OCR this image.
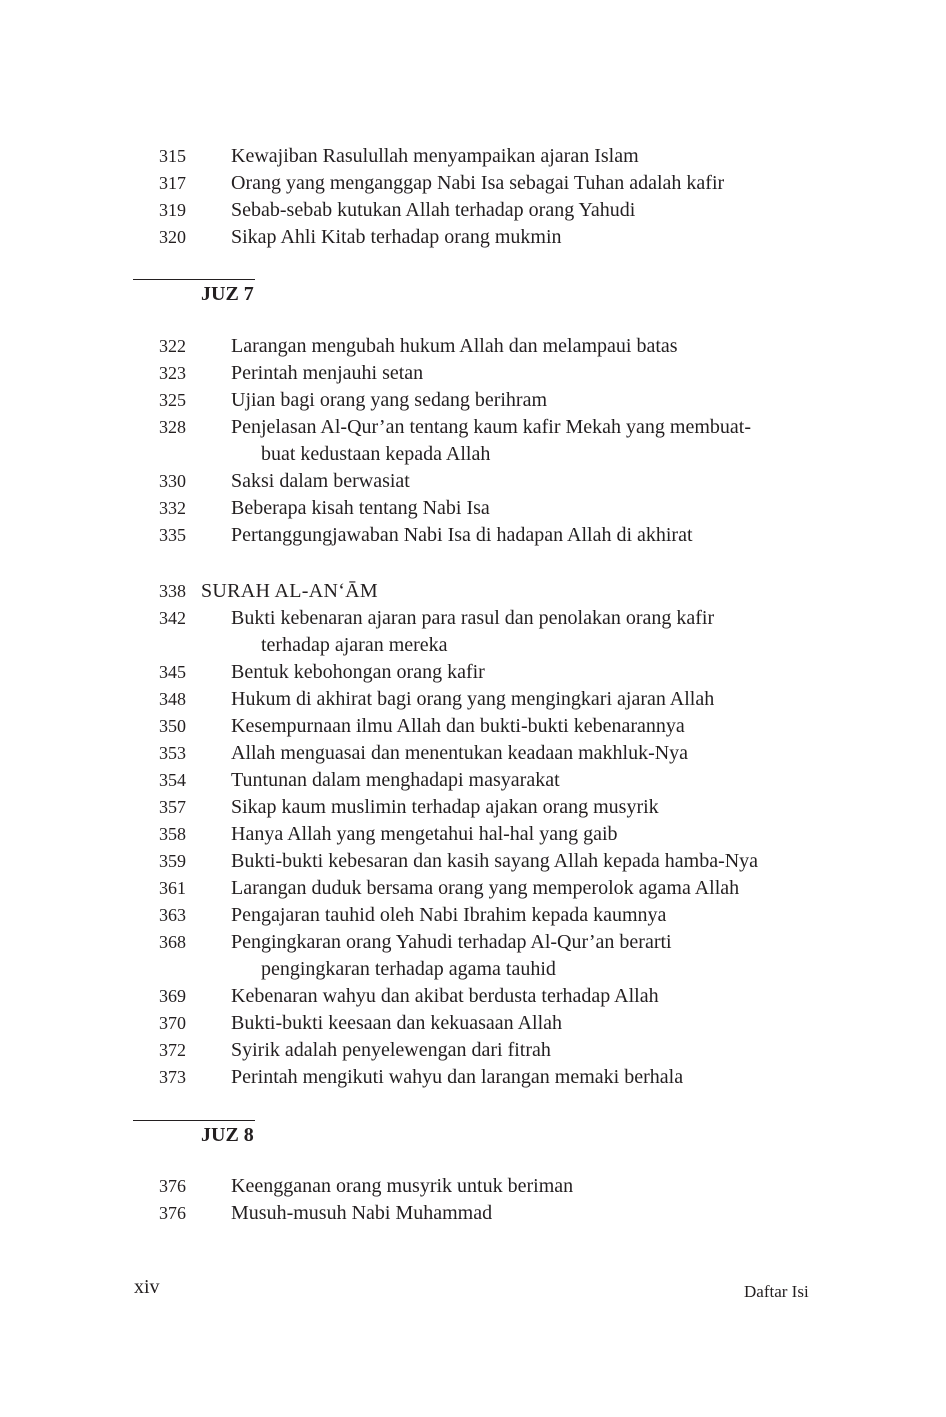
315 Kewajiban Rasulullah menyampaikan ajaran Islam
317 Orang yang menganggap Nabi Isa sebagai Tuhan adalah kafir
319 Sebab-sebab kutukan Allah terhadap orang Yahudi
320 Sikap Ahli Kitab terhadap orang mukmin
JUZ 7
322 Larangan mengubah hukum Allah dan melampaui batas
323 Perintah menjauhi setan
325 Ujian bagi orang yang sedang berihram
328 Penjelasan Al-Qur’an tentang kaum kafir Mekah yang membuat-
buat kedustaan kepada Allah
330 Saksi dalam berwasiat
332 Beberapa kisah tentang Nabi Isa
335 Pertanggungjawaban Nabi Isa di hadapan Allah di akhirat
338 SURAH AL-AN‘ĀM
342 Bukti kebenaran ajaran para rasul dan penolakan orang kafir
terhadap ajaran mereka
345 Bentuk kebohongan orang kafir
348 Hukum di akhirat bagi orang yang mengingkari ajaran Allah
350 Kesempurnaan ilmu Allah dan bukti-bukti kebenarannya
353 Allah menguasai dan menentukan keadaan makhluk-Nya
354 Tuntunan dalam menghadapi masyarakat
357 Sikap kaum muslimin terhadap ajakan orang musyrik
358 Hanya Allah yang mengetahui hal-hal yang gaib
359 Bukti-bukti kebesaran dan kasih sayang Allah kepada hamba-Nya
361 Larangan duduk bersama orang yang memperolok agama Allah
363 Pengajaran tauhid oleh Nabi Ibrahim kepada kaumnya
368 Pengingkaran orang Yahudi terhadap Al-Qur’an berarti
pengingkaran terhadap agama tauhid
369 Kebenaran wahyu dan akibat berdusta terhadap Allah
370 Bukti-bukti keesaan dan kekuasaan Allah
372 Syirik adalah penyelewengan dari fitrah
373 Perintah mengikuti wahyu dan larangan memaki berhala
JUZ 8
376 Keengganan orang musyrik untuk beriman
376 Musuh-musuh Nabi Muhammad
xiv	Daftar Isi
